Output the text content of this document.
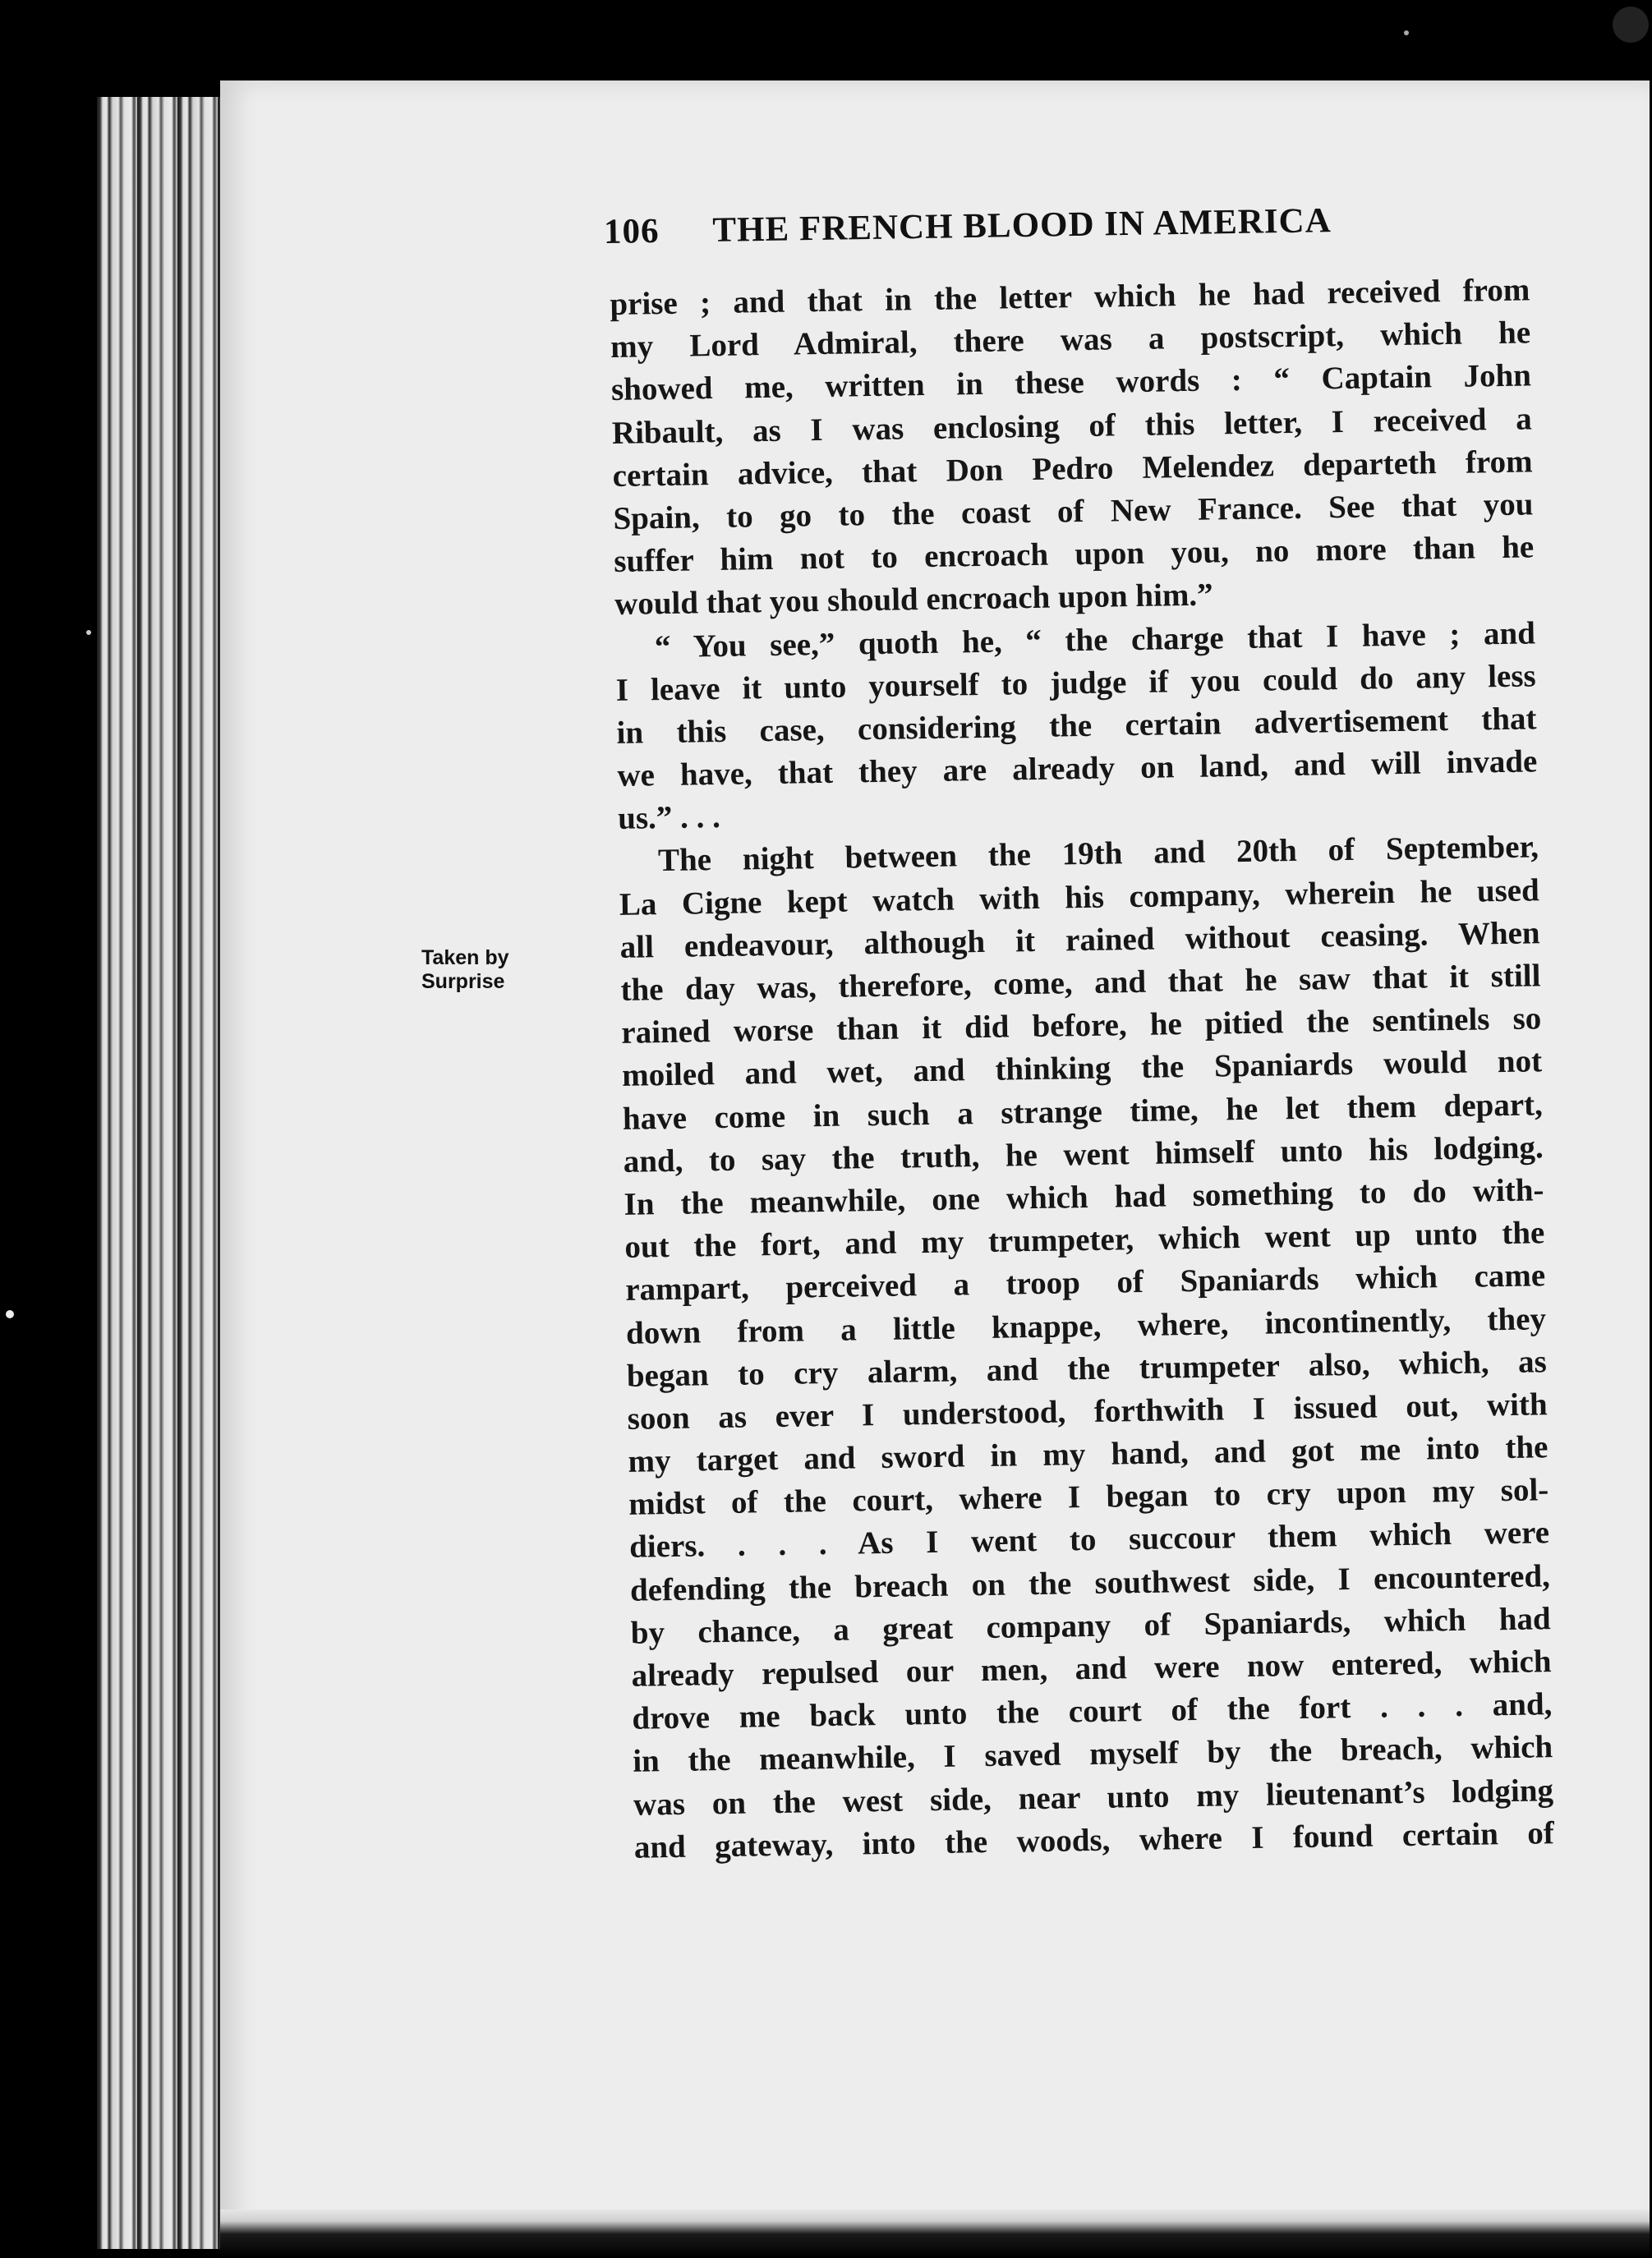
106 THE FRENCH BLOOD IN AMERICA
Taken by
Surprise
prise ; and that in the letter which he had received from
my Lord Admiral, there was a postscript, which he
showed me, written in these words : “ Captain John
Ribault, as I was enclosing of this letter, I received a
certain advice, that Don Pedro Melendez departeth from
Spain, to go to the coast of New France. See that you
suffer him not to encroach upon you, no more than he
would that you should encroach upon him.”
“ You see,” quoth he, “ the charge that I have ; and
I leave it unto yourself to judge if you could do any less
in this case, considering the certain advertisement that
we have, that they are already on land, and will invade
us.” . . .
The night between the 19th and 20th of September,
La Cigne kept watch with his company, wherein he used
all endeavour, although it rained without ceasing. When
the day was, therefore, come, and that he saw that it still
rained worse than it did before, he pitied the sentinels so
moiled and wet, and thinking the Spaniards would not
have come in such a strange time, he let them depart,
and, to say the truth, he went himself unto his lodging.
In the meanwhile, one which had something to do with-
out the fort, and my trumpeter, which went up unto the
rampart, perceived a troop of Spaniards which came
down from a little knappe, where, incontinently, they
began to cry alarm, and the trumpeter also, which, as
soon as ever I understood, forthwith I issued out, with
my target and sword in my hand, and got me into the
midst of the court, where I began to cry upon my sol-
diers. . . . As I went to succour them which were
defending the breach on the southwest side, I encountered,
by chance, a great company of Spaniards, which had
already repulsed our men, and were now entered, which
drove me back unto the court of the fort . . . and,
in the meanwhile, I saved myself by the breach, which
was on the west side, near unto my lieutenant’s lodging
and gateway, into the woods, where I found certain of
